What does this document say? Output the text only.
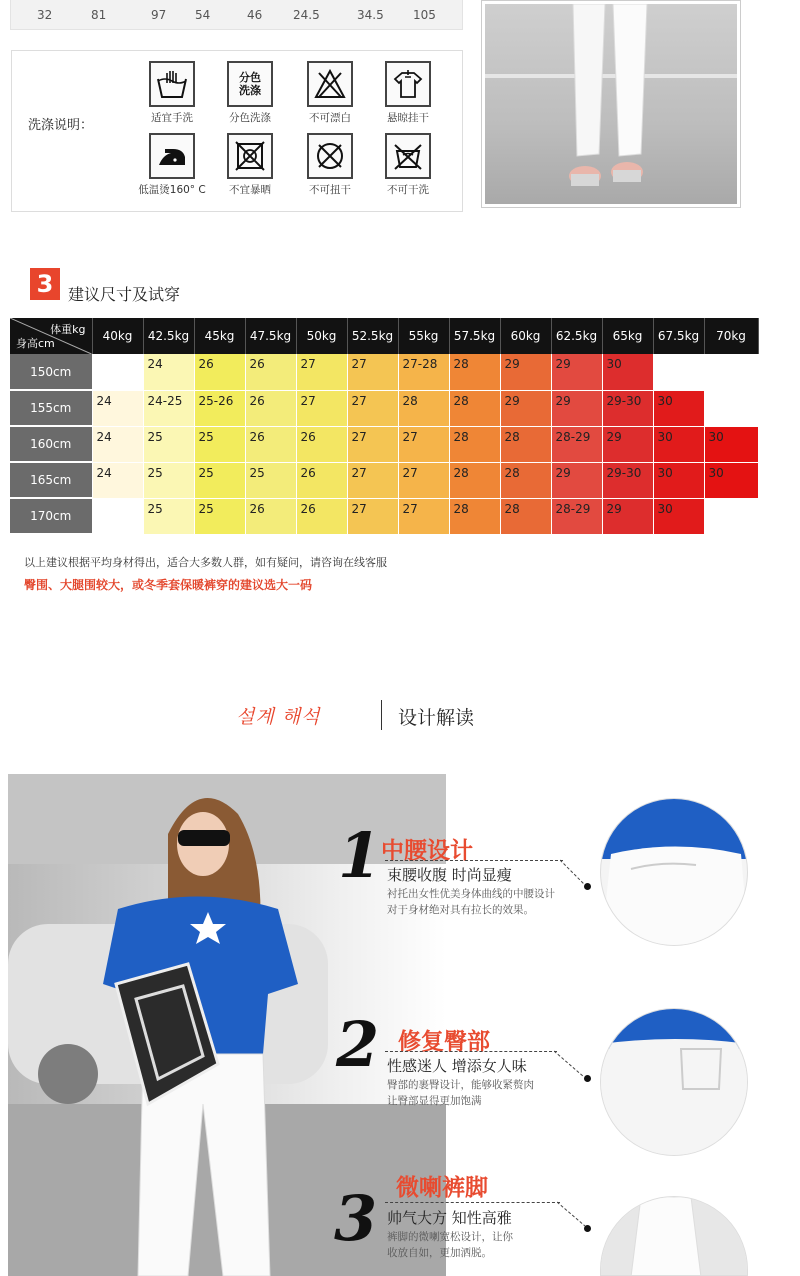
32	81	97 54	46	24.5	34.5 105
洗涤说明：	适宜手洗
分色
洗涤
分色洗涤	不可漂白	悬晾挂干
低温烫160° C	不宜暴晒	不可扭干	不可干洗
3 建议尺寸及试穿
体重kg
身高cm	40kg	42.5kg	45kg	47.5kg	50kg	52.5kg	55kg	57.5kg	60kg	62.5kg	65kg	67.5kg	70kg
150cm		24	26	26	27	27	27-28	28	29	29	30		
155cm	24	24-25	25-26	26	27	27	28	28	29	29	29-30	30	
160cm	24	25	25	26	26	27	27	28	28	28-29	29	30	30
165cm	24	25	25	25	26	27	27	28	28	29	29-30	30	30
170cm		25	25	26	26	27	27	28	28	28-29	29	30	
以上建议根据平均身材得出，适合大多数人群，如有疑问，请咨询在线客服
臀围、大腿围较大，或冬季套保暖裤穿的建议选大一码
설계 해석	设计解读
1 中腰设计
束腰收腹 时尚显瘦
衬托出女性优美身体曲线的中腰设计
对于身材绝对具有拉长的效果。
2 修复臀部
性感迷人 增添女人味
臀部的裹臀设计，能够收紧赘肉
让臀部显得更加饱满
3 微喇裤脚
帅气大方 知性高雅
裤脚的微喇宽松设计，让你
收放自如，更加洒脱。
